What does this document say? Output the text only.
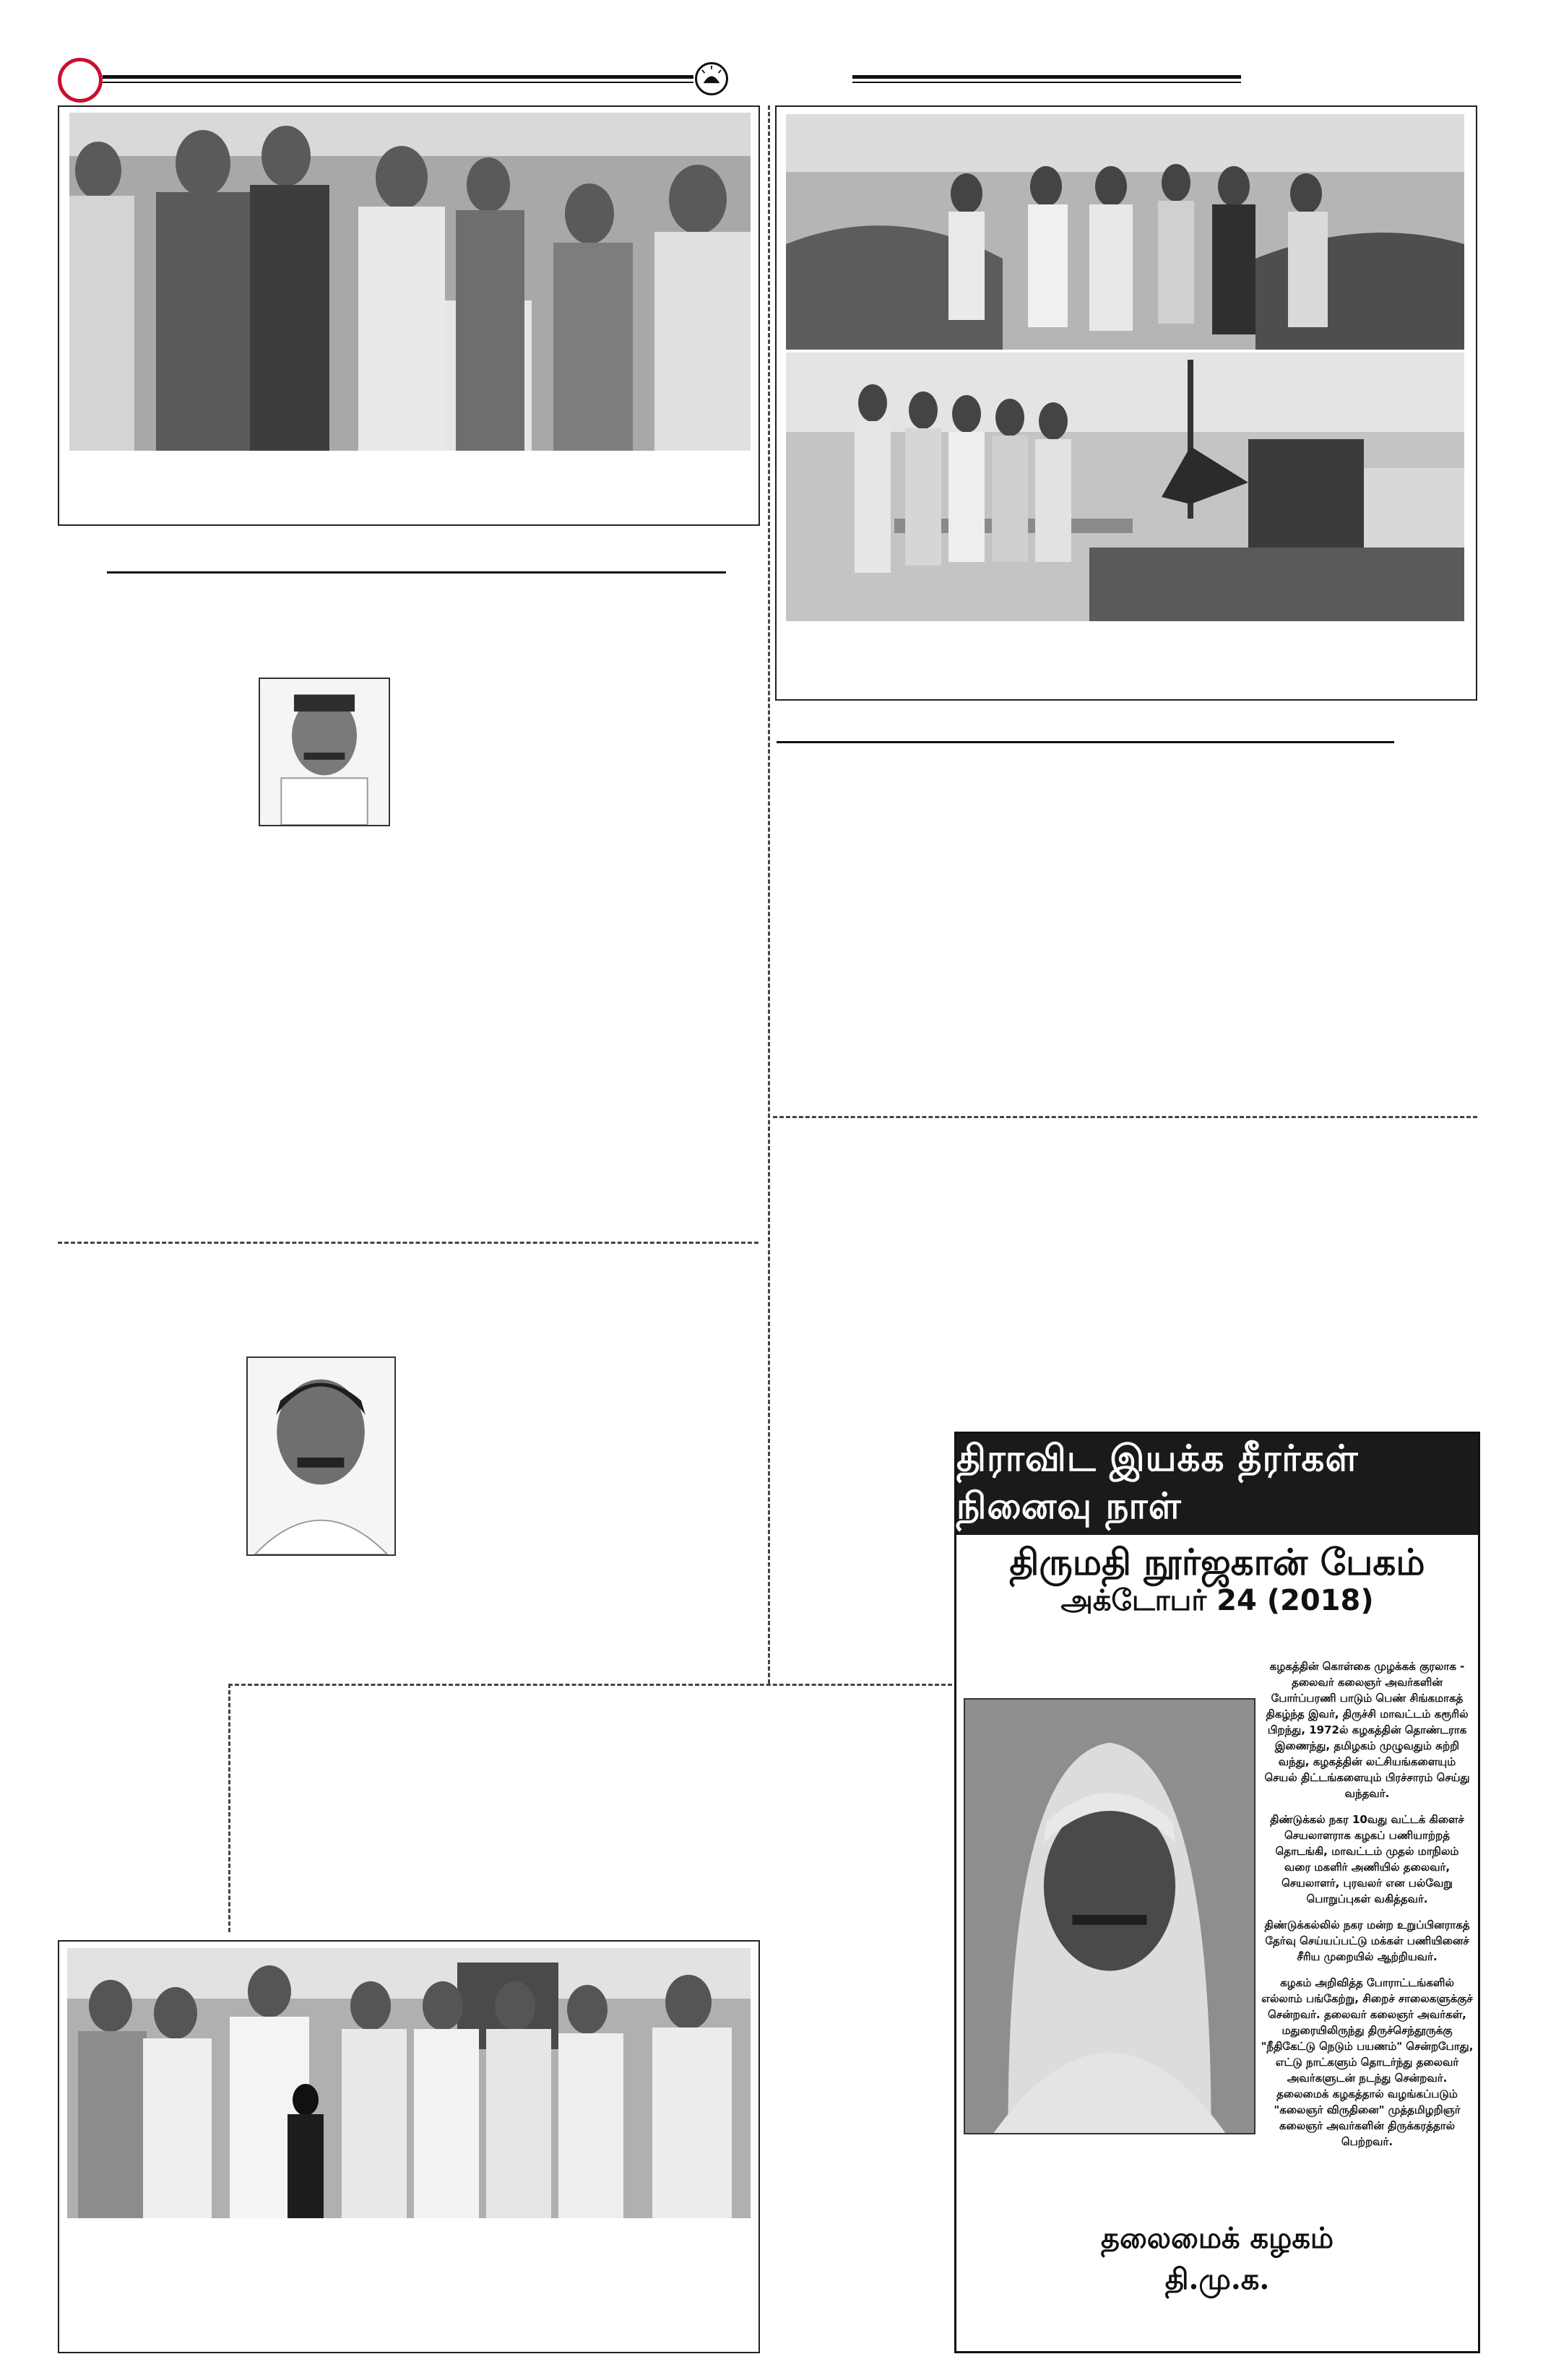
திராவிட இயக்க தீரர்கள் நினைவு நாள்
திருமதி நூர்ஜகான் பேகம்
அக்டோபர் 24 (2018)

கழகத்தின் கொள்கை முழக்கக் குரலாக - தலைவர் கலைஞர் அவர்களின் போர்ப்பரணி பாடும் பெண் சிங்கமாகத் திகழ்ந்த இவர், திருச்சி மாவட்டம் கரூரில் பிறந்து, 1972ல் கழகத்தின் தொண்டராக இணைந்து, தமிழகம் முழுவதும் சுற்றி வந்து, கழகத்தின் லட்சியங்களையும் செயல் திட்டங்களையும் பிரச்சாரம் செய்து வந்தவர்.

திண்டுக்கல் நகர 10வது வட்டக் கிளைச் செயலாளராக கழகப் பணியாற்றத் தொடங்கி, மாவட்டம் முதல் மாநிலம் வரை மகளிர் அணியில் தலைவர், செயலாளர், புரவலர் என பல்வேறு பொறுப்புகள் வகித்தவர்.

திண்டுக்கல்லில் நகர மன்ற உறுப்பினராகத் தேர்வு செய்யப்பட்டு மக்கள் பணியினைச் சீரிய முறையில் ஆற்றியவர்.

கழகம் அறிவித்த போராட்டங்களில் எல்லாம் பங்கேற்று, சிறைச் சாலைகளுக்குச் சென்றவர். தலைவர் கலைஞர் அவர்கள், மதுரையிலிருந்து திருச்செந்தூருக்கு "நீதிகேட்டு நெடும் பயணம்" சென்றபோது, எட்டு நாட்களும் தொடர்ந்து தலைவர் அவர்களுடன் நடந்து சென்றவர். தலைமைக் கழகத்தால் வழங்கப்படும் "கலைஞர் விருதினை" முத்தமிழறிஞர் கலைஞர் அவர்களின் திருக்கரத்தால் பெற்றவர்.

தலைமைக் கழகம்
தி.மு.க.
